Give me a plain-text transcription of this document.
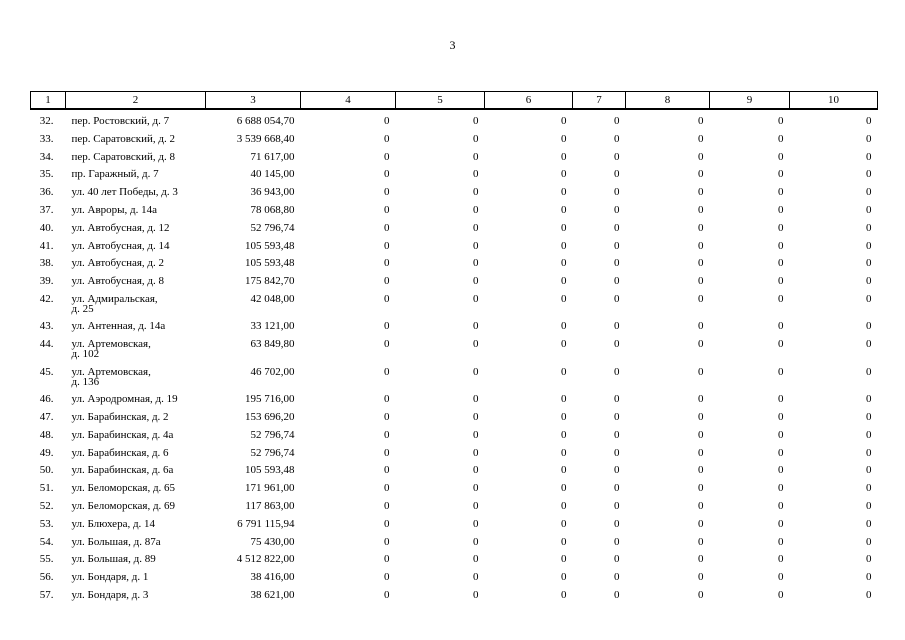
3
1	2	3	4	5	6	7	8	9	10
32.	пер. Ростовский, д. 7	6 688 054,70	0	0	0	0	0	0	0
33.	пер. Саратовский, д. 2	3 539 668,40	0	0	0	0	0	0	0
34.	пер. Саратовский, д. 8	71 617,00	0	0	0	0	0	0	0
35.	пр. Гаражный, д. 7	40 145,00	0	0	0	0	0	0	0
36.	ул. 40 лет Победы, д. 3	36 943,00	0	0	0	0	0	0	0
37.	ул. Авроры, д. 14а	78 068,80	0	0	0	0	0	0	0
40.	ул. Автобусная, д. 12	52 796,74	0	0	0	0	0	0	0
41.	ул. Автобусная, д. 14	105 593,48	0	0	0	0	0	0	0
38.	ул. Автобусная, д. 2	105 593,48	0	0	0	0	0	0	0
39.	ул. Автобусная, д. 8	175 842,70	0	0	0	0	0	0	0
42.	ул. Адмиральская,
д. 25	42 048,00	0	0	0	0	0	0	0
43.	ул. Антенная, д. 14а	33 121,00	0	0	0	0	0	0	0
44.	ул. Артемовская,
д. 102	63 849,80	0	0	0	0	0	0	0
45.	ул. Артемовская,
д. 136	46 702,00	0	0	0	0	0	0	0
46.	ул. Аэродромная, д. 19	195 716,00	0	0	0	0	0	0	0
47.	ул. Барабинская, д. 2	153 696,20	0	0	0	0	0	0	0
48.	ул. Барабинская, д. 4а	52 796,74	0	0	0	0	0	0	0
49.	ул. Барабинская, д. 6	52 796,74	0	0	0	0	0	0	0
50.	ул. Барабинская, д. 6а	105 593,48	0	0	0	0	0	0	0
51.	ул. Беломорская, д. 65	171 961,00	0	0	0	0	0	0	0
52.	ул. Беломорская, д. 69	117 863,00	0	0	0	0	0	0	0
53.	ул. Блюхера, д. 14	6 791 115,94	0	0	0	0	0	0	0
54.	ул. Большая, д. 87а	75 430,00	0	0	0	0	0	0	0
55.	ул. Большая, д. 89	4 512 822,00	0	0	0	0	0	0	0
56.	ул. Бондаря, д. 1	38 416,00	0	0	0	0	0	0	0
57.	ул. Бондаря, д. 3	38 621,00	0	0	0	0	0	0	0
